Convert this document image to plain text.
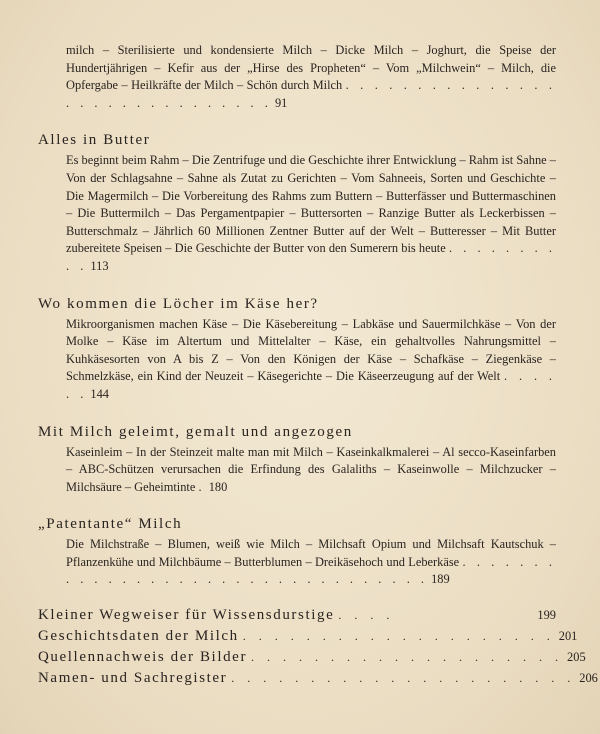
milch – Sterilisierte und kondensierte Milch – Dicke Milch – Joghurt, die Speise der Hundertjährigen – Kefir aus der „Hirse des Propheten“ – Vom „Milchwein“ – Milch, die Opfergabe – Heilkräfte der Milch – Schön durch Milch . . . . . . . . . . . . . . . . . . . . . . . . . . . . . . 91

Alles in Butter

Es beginnt beim Rahm – Die Zentrifuge und die Geschichte ihrer Entwicklung – Rahm ist Sahne – Von der Schlagsahne – Sahne als Zutat zu Gerichten – Vom Sahneeis, Sorten und Geschichte – Die Magermilch – Die Vorbereitung des Rahms zum Buttern – Butterfässer und Buttermaschinen – Die Buttermilch – Das Pergamentpapier – Buttersorten – Ranzige Butter als Leckerbissen – Butterschmalz – Jährlich 60 Millionen Zentner Butter auf der Welt – Butteresser – Mit Butter zubereitete Speisen – Die Geschichte der Butter von den Sumerern bis heute . . . . . . . . . . 113

Wo kommen die Löcher im Käse her?

Mikroorganismen machen Käse – Die Käsebereitung – Labkäse und Sauermilchkäse – Von der Molke – Käse im Altertum und Mittelalter – Käse, ein gehaltvolles Nahrungsmittel – Kuhkäsesorten von A bis Z – Von den Königen der Käse – Schafkäse – Ziegenkäse – Schmelzkäse, ein Kind der Neuzeit – Käsegerichte – Die Käseerzeugung auf der Welt . . . . . . 144

Mit Milch geleimt, gemalt und angezogen

Kaseinleim – In der Steinzeit malte man mit Milch – Kaseinkalkmalerei – Al secco-Kaseinfarben – ABC-Schützen verursachen die Erfindung des Galaliths – Kaseinwolle – Milchzucker – Milchsäure – Geheimtinte . 180

„Patentante“ Milch

Die Milchstraße – Blumen, weiß wie Milch – Milchsaft Opium und Milchsaft Kautschuk – Pflanzenkühe und Milchbäume – Butterblumen – Dreikäsehoch und Leberkäse . . . . . . . . . . . . . . . . . . . . . . . . . . . . . . . . . 189

Kleiner Wegweiser für Wissensdurstige . . . .	199
Geschichtsdaten der Milch . . . . . . . . . . . . . . . . . . . . 201
Quellennachweis der Bilder . . . . . . . . . . . . . . . . . . . . 205
Namen- und Sachregister . . . . . . . . . . . . . . . . . . . . . . 206
